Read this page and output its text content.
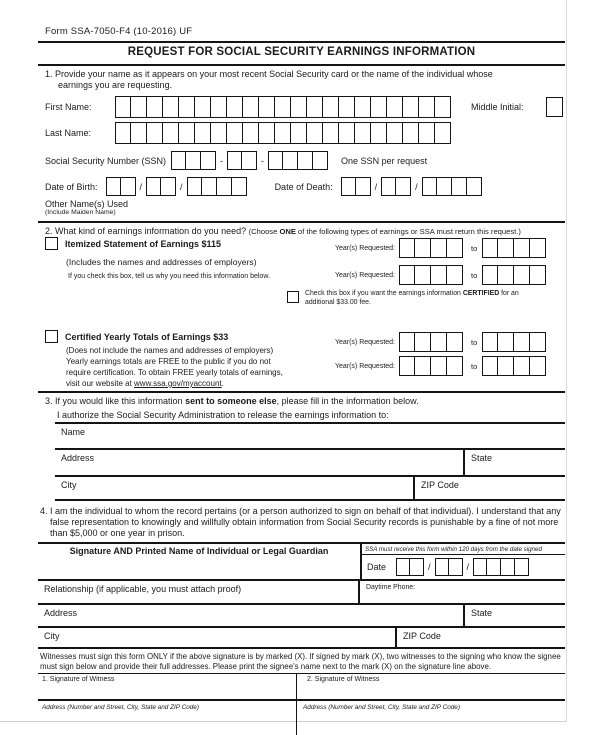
Form SSA-7050-F4 (10-2016) UF
REQUEST FOR SOCIAL SECURITY EARNINGS INFORMATION
1. Provide your name as it appears on your most recent Social Security card or the name of the individual whose
earnings you are requesting.
First Name:	Middle Initial:
Last Name:
Social Security Number (SSN)	-	-	One SSN per request
Date of Birth:	/	/	Date of Death:	/	/
Other Name(s) Used
(Include Maiden Name)
2. What kind of earnings information do you need? (Choose ONE of the following types of earnings or SSA must return this request.)
Itemized Statement of Earnings $115
(Includes the names and addresses of employers)
If you check this box, tell us why you need this information below.
Year(s) Requested:	to
Year(s) Requested:	to
Check this box if you want the earnings information CERTIFIED for an additional $33.00 fee.
Certified Yearly Totals of Earnings $33
(Does not include the names and addresses of employers)
Yearly earnings totals are FREE to the public if you do not
require certification. To obtain FREE yearly totals of earnings,
visit our website at www.ssa.gov/myaccount.
Year(s) Requested:	to
Year(s) Requested:	to
3. If you would like this information sent to someone else, please fill in the information below.
I authorize the Social Security Administration to release the earnings information to:
Name
Address	State
City	ZIP Code
4. I am the individual to whom the record pertains (or a person authorized to sign on behalf of that individual). I understand that any false representation to knowingly and willfully obtain information from Social Security records is punishable by a fine of not more than $5,000 or one year in prison.
Signature AND Printed Name of Individual or Legal Guardian	SSA must receive this form within 120 days from the date signed
Date	/	/
Relationship (if applicable, you must attach proof)	Daytime Phone:
Address	State
City	ZIP Code
Witnesses must sign this form ONLY if the above signature is by marked (X). If signed by mark (X), two witnesses to the signing who know the signee must sign below and provide their full addresses. Please print the signee's name next to the mark (X) on the signature line above.
1. Signature of Witness	2. Signature of Witness
Address (Number and Street, City, State and ZIP Code)	Address (Number and Street, City, State and ZIP Code)
